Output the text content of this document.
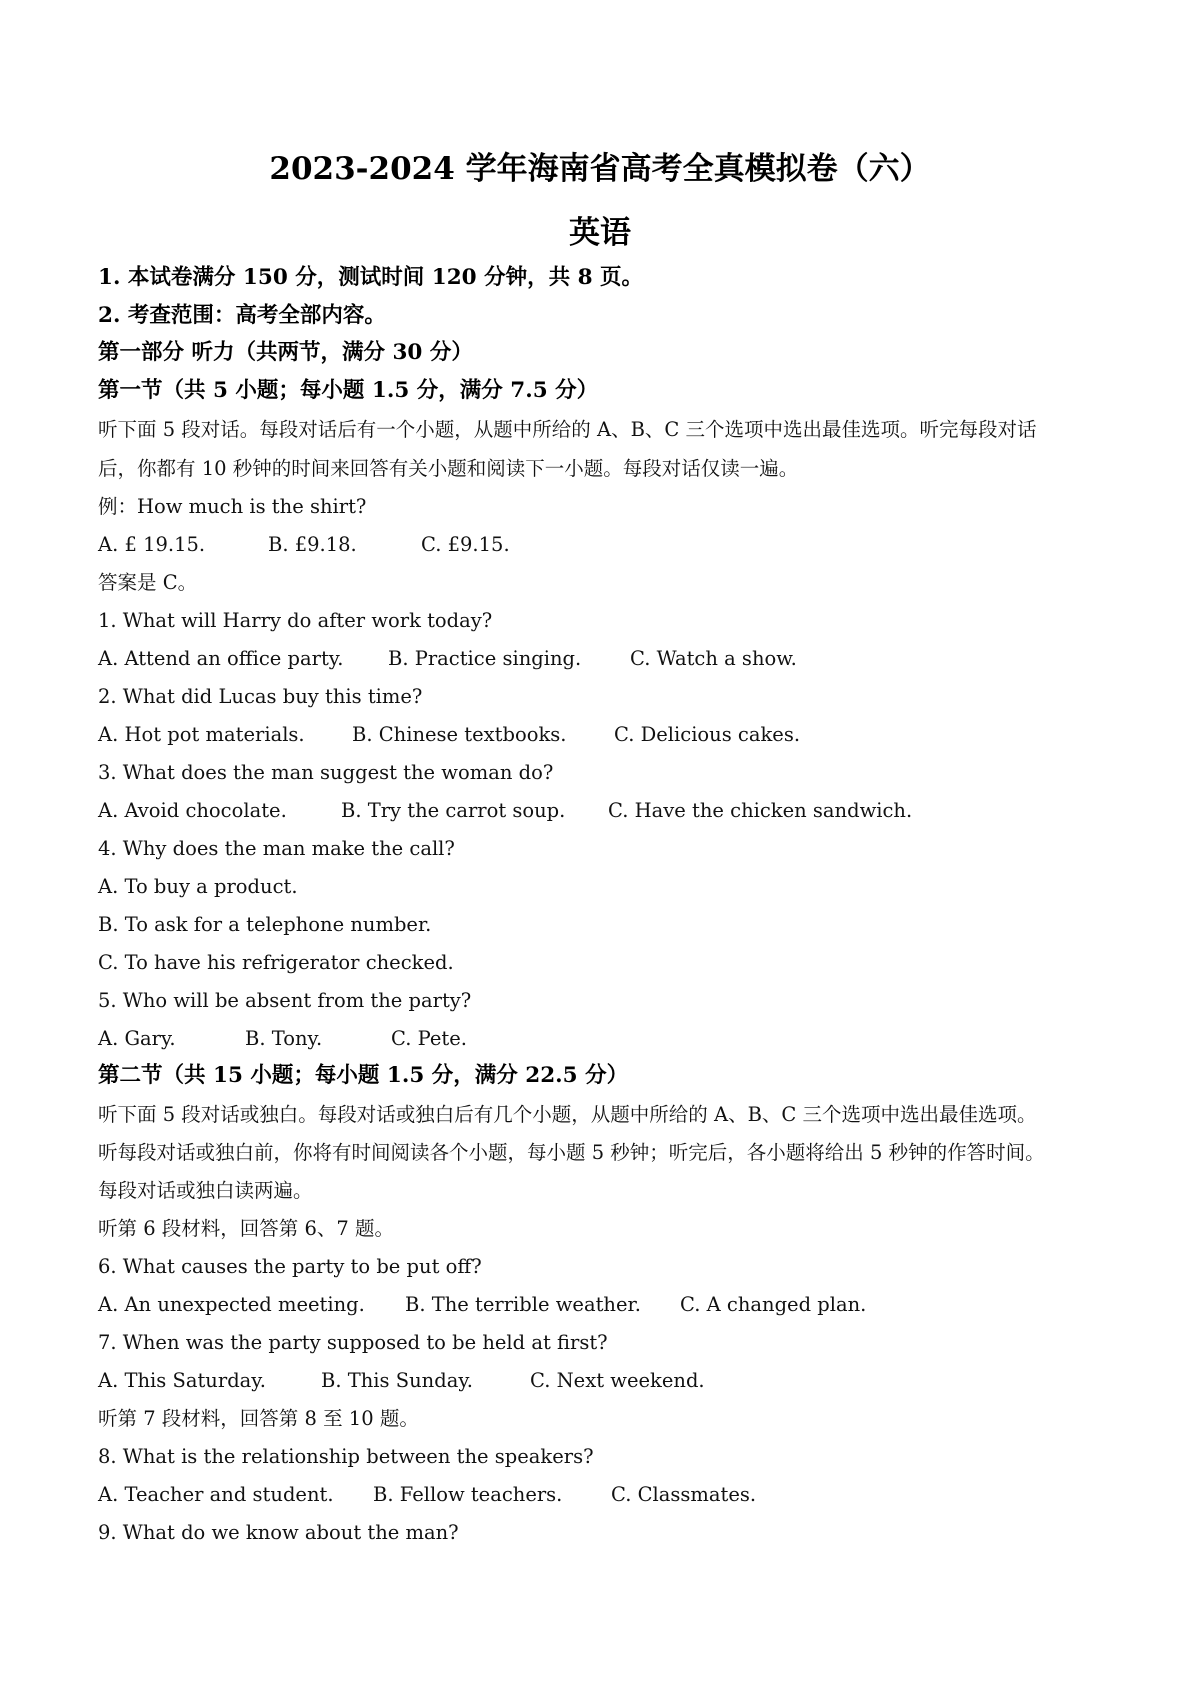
2023-2024 学年海南省高考全真模拟卷（六）
英语
1. 本试卷满分 150 分，测试时间 120 分钟，共 8 页。
2. 考查范围：高考全部内容。
第一部分 听力（共两节，满分 30 分）
第一节（共 5 小题；每小题 1.5 分，满分 7.5 分）
听下面 5 段对话。每段对话后有一个小题，从题中所给的 A、B、C 三个选项中选出最佳选项。听完每段对话
后，你都有 10 秒钟的时间来回答有关小题和阅读下一小题。每段对话仅读一遍。
例：How much is the shirt?
A. £ 19.15.	B. £9.18.	C. £9.15.
答案是 C。
1. What will Harry do after work today?
A. Attend an office party. B. Practice singing.	C. Watch a show.
2. What did Lucas buy this time?
A. Hot pot materials. B. Chinese textbooks. C. Delicious cakes.
3. What does the man suggest the woman do?
A. Avoid chocolate.	B. Try the carrot soup. C. Have the chicken sandwich.
4. Why does the man make the call?
A. To buy a product.
B. To ask for a telephone number.
C. To have his refrigerator checked.
5. Who will be absent from the party?
A. Gary.	B. Tony.	C. Pete.
第二节（共 15 小题；每小题 1.5 分，满分 22.5 分）
听下面 5 段对话或独白。每段对话或独白后有几个小题，从题中所给的 A、B、C 三个选项中选出最佳选项。
听每段对话或独白前，你将有时间阅读各个小题，每小题 5 秒钟；听完后，各小题将给出 5 秒钟的作答时间。
每段对话或独白读两遍。
听第 6 段材料，回答第 6、7 题。
6. What causes the party to be put off?
A. An unexpected meeting. B. The terrible weather. C. A changed plan.
7. When was the party supposed to be held at first?
A. This Saturday.	B. This Sunday.	C. Next weekend.
听第 7 段材料，回答第 8 至 10 题。
8. What is the relationship between the speakers?
A. Teacher and student. B. Fellow teachers. C. Classmates.
9. What do we know about the man?
